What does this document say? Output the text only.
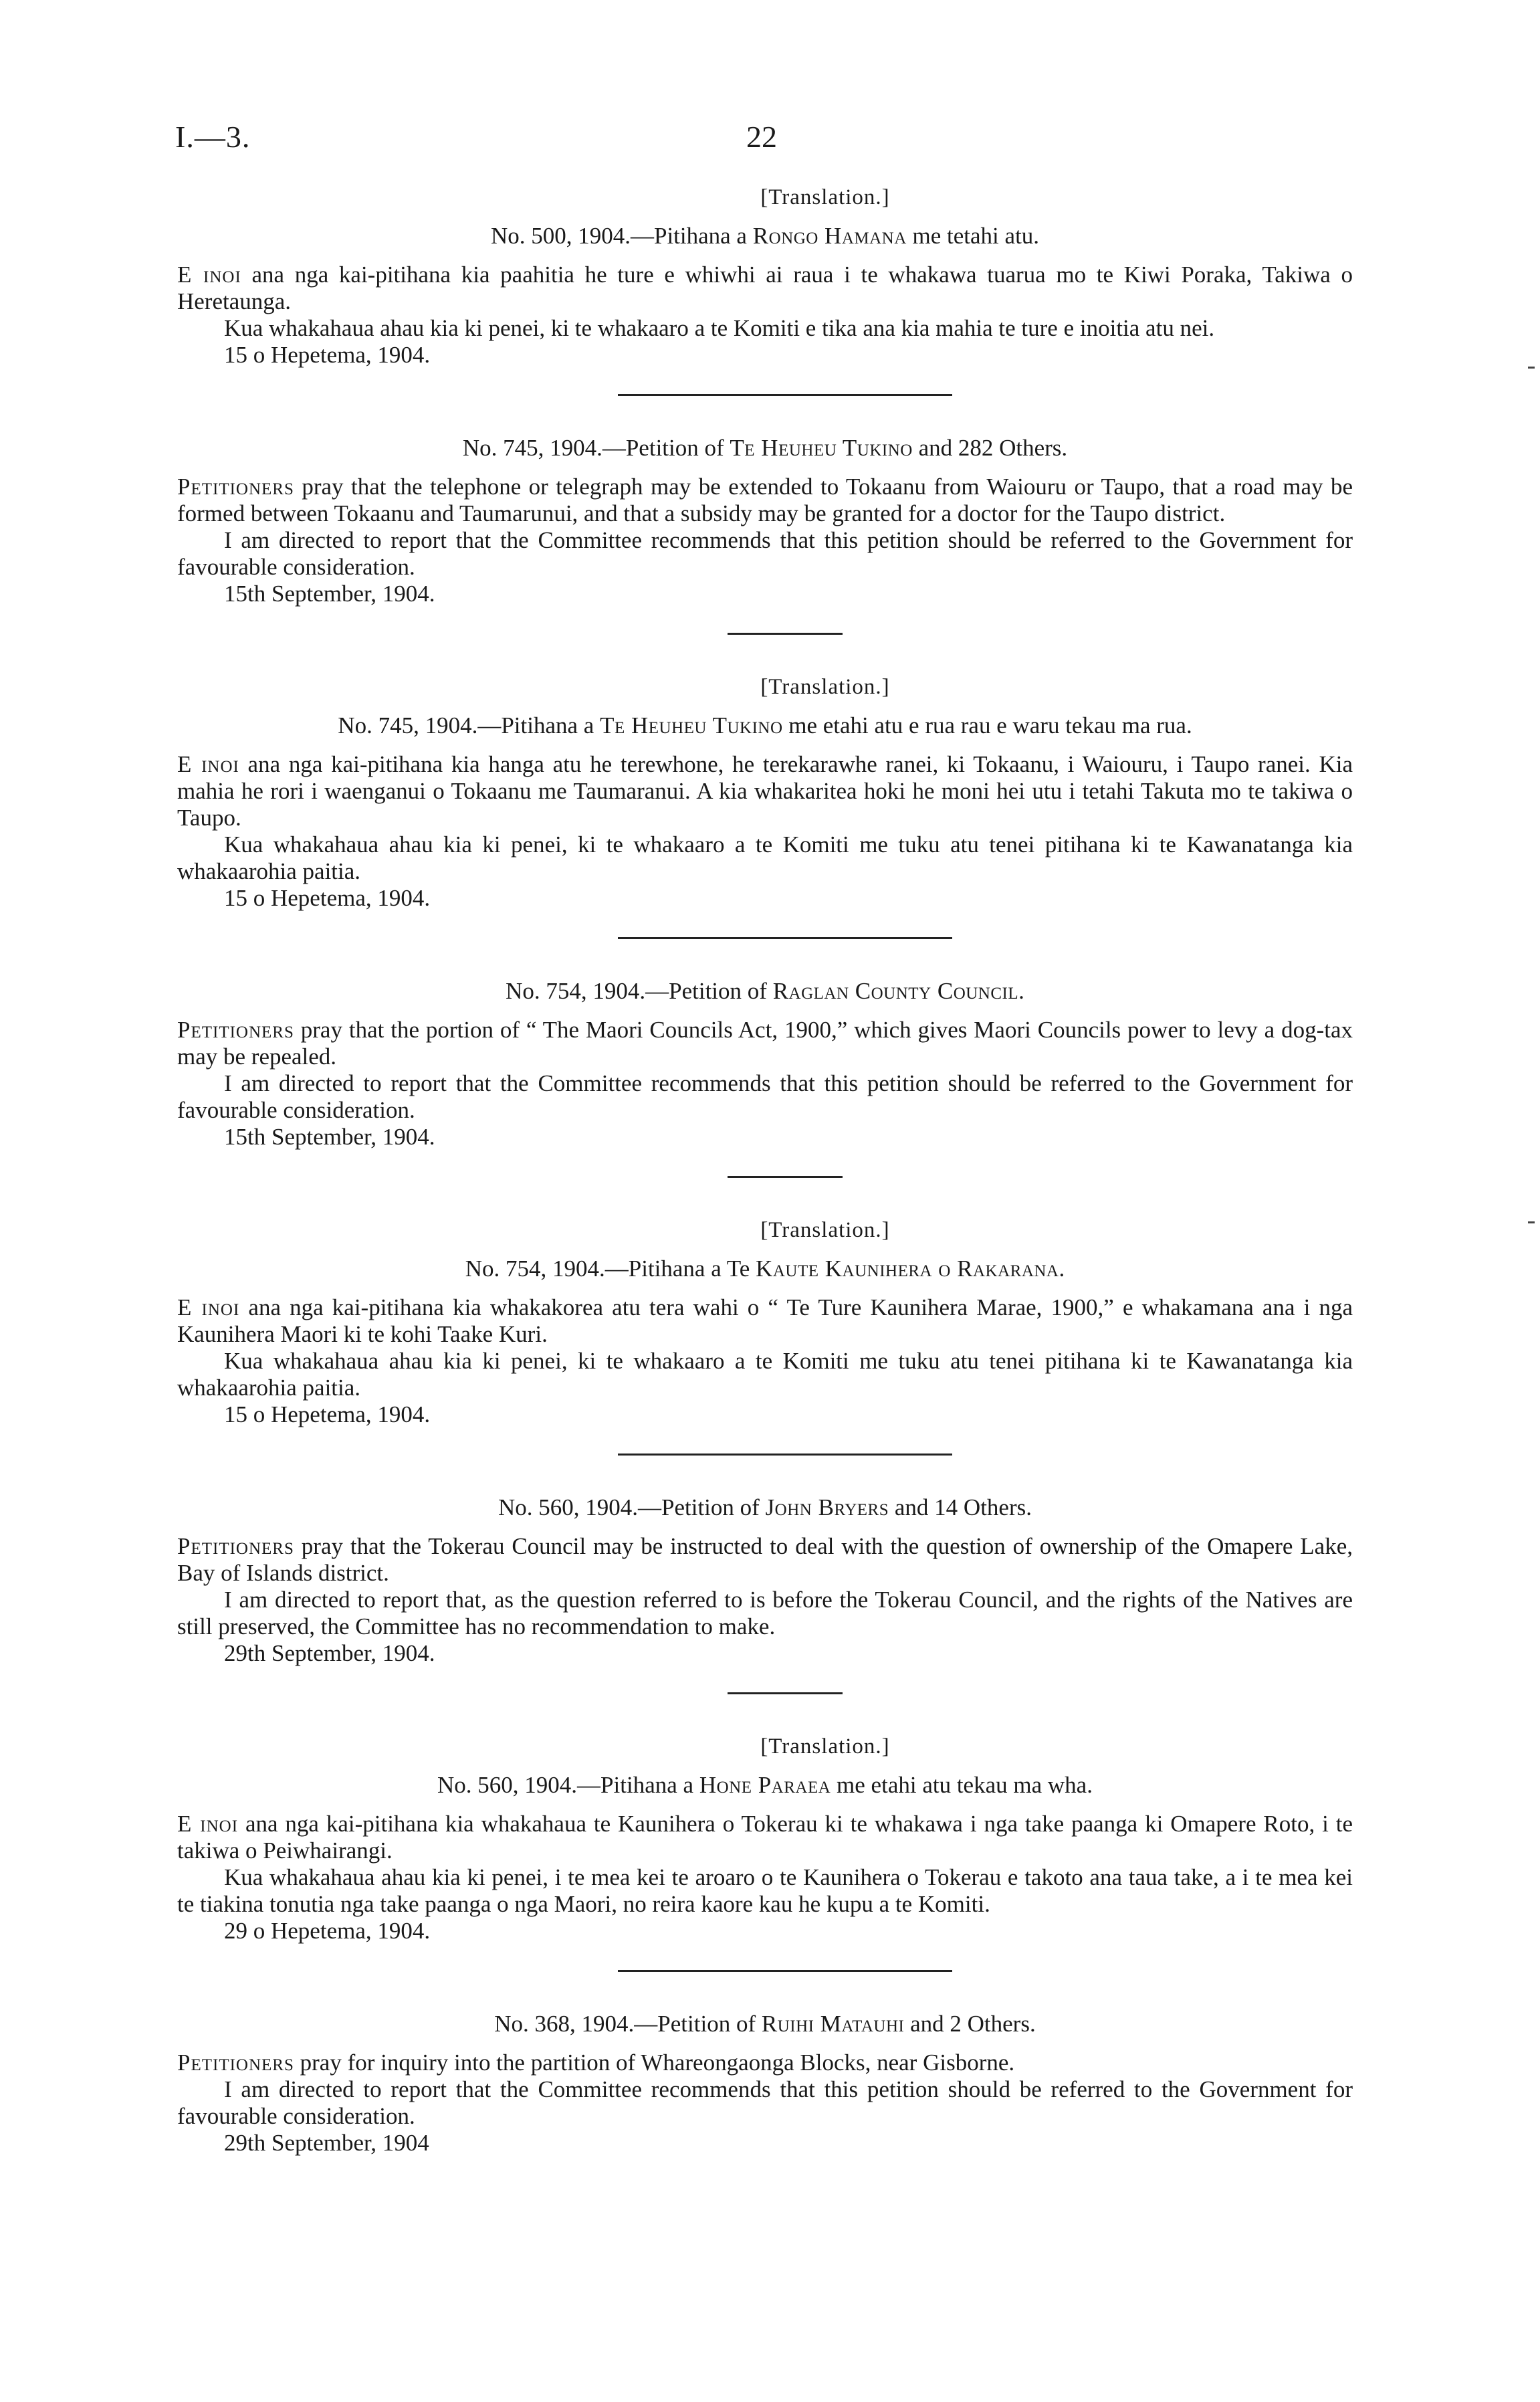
I.—3.	22
[Translation.]
No. 500, 1904.—Pitihana a Rongo Hamana me tetahi atu.

E inoi ana nga kai-pitihana kia paahitia he ture e whiwhi ai raua i te whakawa tuarua mo te Kiwi Poraka, Takiwa o Heretaunga.

Kua whakahaua ahau kia ki penei, ki te whakaaro a te Komiti e tika ana kia mahia te ture e inoitia atu nei.

15 o Hepetema, 1904.

No. 745, 1904.—Petition of Te Heuheu Tukino and 282 Others.

Petitioners pray that the telephone or telegraph may be extended to Tokaanu from Waiouru or Taupo, that a road may be formed between Tokaanu and Taumarunui, and that a subsidy may be granted for a doctor for the Taupo district.

I am directed to report that the Committee recommends that this petition should be referred to the Government for favourable consideration.

15th September, 1904.

[Translation.]
No. 745, 1904.—Pitihana a Te Heuheu Tukino me etahi atu e rua rau e waru tekau ma rua.

E inoi ana nga kai-pitihana kia hanga atu he terewhone, he terekarawhe ranei, ki Tokaanu, i Waiouru, i Taupo ranei. Kia mahia he rori i waenganui o Tokaanu me Taumaranui. A kia whakaritea hoki he moni hei utu i tetahi Takuta mo te takiwa o Taupo.

Kua whakahaua ahau kia ki penei, ki te whakaaro a te Komiti me tuku atu tenei pitihana ki te Kawanatanga kia whakaarohia paitia.

15 o Hepetema, 1904.

No. 754, 1904.—Petition of Raglan County Council.

Petitioners pray that the portion of “ The Maori Councils Act, 1900,” which gives Maori Councils power to levy a dog-tax may be repealed.

I am directed to report that the Committee recommends that this petition should be referred to the Government for favourable consideration.

15th September, 1904.

[Translation.]
No. 754, 1904.—Pitihana a Te Kaute Kaunihera o Rakarana.

E inoi ana nga kai-pitihana kia whakakorea atu tera wahi o “ Te Ture Kaunihera Marae, 1900,” e whakamana ana i nga Kaunihera Maori ki te kohi Taake Kuri.

Kua whakahaua ahau kia ki penei, ki te whakaaro a te Komiti me tuku atu tenei pitihana ki te Kawanatanga kia whakaarohia paitia.

15 o Hepetema, 1904.

No. 560, 1904.—Petition of John Bryers and 14 Others.

Petitioners pray that the Tokerau Council may be instructed to deal with the question of ownership of the Omapere Lake, Bay of Islands district.

I am directed to report that, as the question referred to is before the Tokerau Council, and the rights of the Natives are still preserved, the Committee has no recommendation to make.

29th September, 1904.

[Translation.]
No. 560, 1904.—Pitihana a Hone Paraea me etahi atu tekau ma wha.

E inoi ana nga kai-pitihana kia whakahaua te Kaunihera o Tokerau ki te whakawa i nga take paanga ki Omapere Roto, i te takiwa o Peiwhairangi.

Kua whakahaua ahau kia ki penei, i te mea kei te aroaro o te Kaunihera o Tokerau e takoto ana taua take, a i te mea kei te tiakina tonutia nga take paanga o nga Maori, no reira kaore kau he kupu a te Komiti.

29 o Hepetema, 1904.

No. 368, 1904.—Petition of Ruihi Matauhi and 2 Others.

Petitioners pray for inquiry into the partition of Whareongaonga Blocks, near Gisborne.

I am directed to report that the Committee recommends that this petition should be referred to the Government for favourable consideration.

29th September, 1904
